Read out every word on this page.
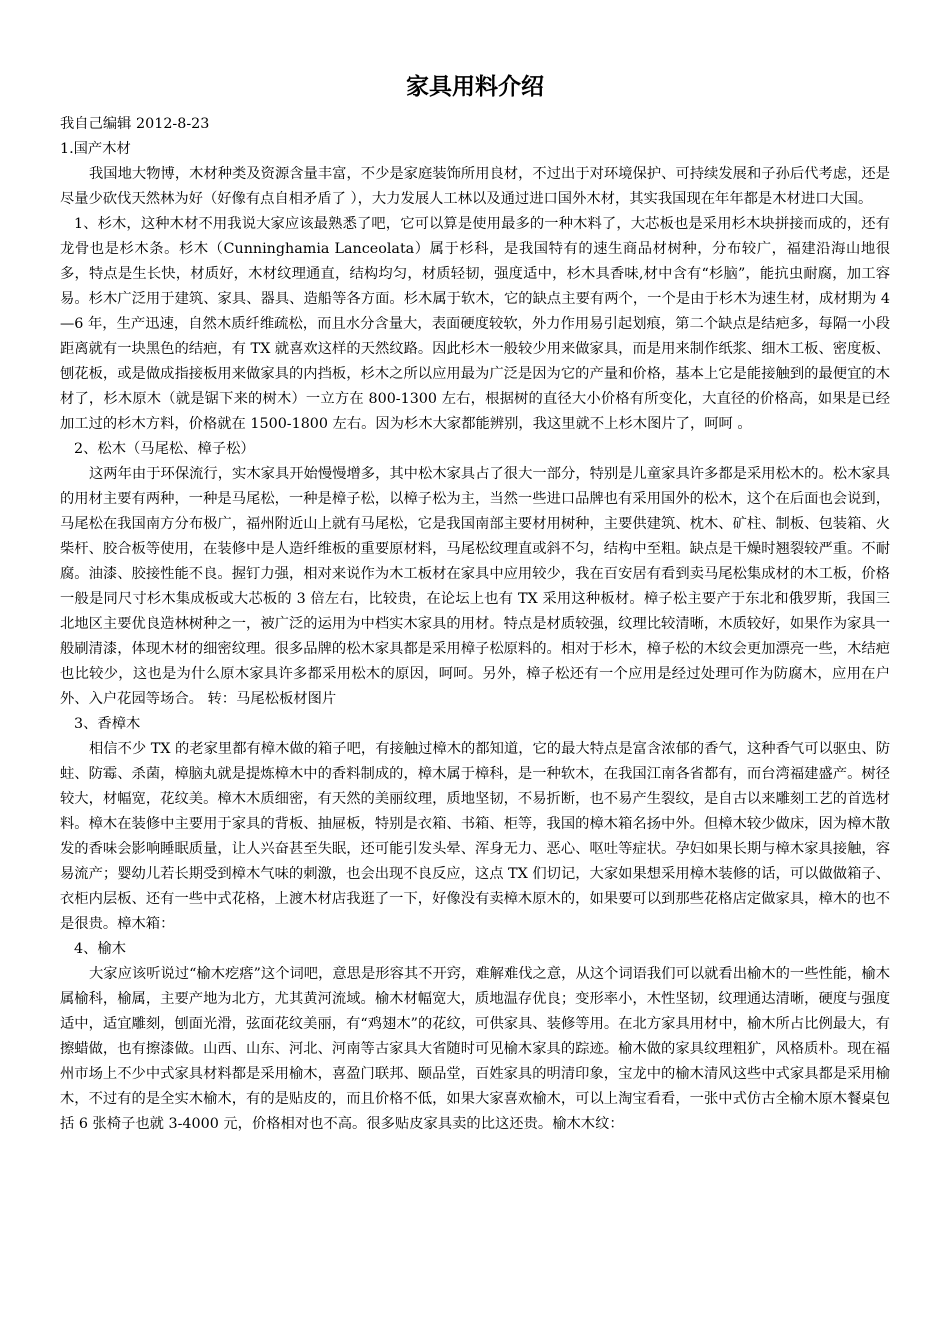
家具用料介绍
我自己编辑 2012-8-23
1.国产木材

我国地大物博，木材种类及资源含量丰富，不少是家庭装饰所用良材，不过出于对环境保护、可持续发展和子孙后代考虑，还是尽量少砍伐天然林为好（好像有点自相矛盾了 ），大力发展人工林以及通过进口国外木材，其实我国现在年年都是木材进口大国。

1、杉木，这种木材不用我说大家应该最熟悉了吧，它可以算是使用最多的一种木料了，大芯板也是采用杉木块拼接而成的，还有龙骨也是杉木条。杉木（Cunninghamia Lanceolata）属于杉科，是我国特有的速生商品材树种，分布较广，福建沿海山地很多，特点是生长快，材质好，木材纹理通直，结构均匀，材质轻韧，强度适中，杉木具香味,材中含有“杉脑”，能抗虫耐腐，加工容易。杉木广泛用于建筑、家具、器具、造船等各方面。杉木属于软木，它的缺点主要有两个，一个是由于杉木为速生材，成材期为 4—6 年，生产迅速，自然木质纤维疏松，而且水分含量大，表面硬度较软，外力作用易引起划痕，第二个缺点是结疤多，每隔一小段距离就有一块黑色的结疤，有 TX 就喜欢这样的天然纹路。因此杉木一般较少用来做家具，而是用来制作纸浆、细木工板、密度板、刨花板，或是做成指接板用来做家具的内挡板，杉木之所以应用最为广泛是因为它的产量和价格，基本上它是能接触到的最便宜的木材了，杉木原木（就是锯下来的树木）一立方在 800-1300 左右，根据树的直径大小价格有所变化，大直径的价格高，如果是已经加工过的杉木方料，价格就在 1500-1800 左右。因为杉木大家都能辨别，我这里就不上杉木图片了，呵呵 。

2、松木（马尾松、樟子松）

这两年由于环保流行，实木家具开始慢慢增多，其中松木家具占了很大一部分，特别是儿童家具许多都是采用松木的。松木家具的用材主要有两种，一种是马尾松，一种是樟子松，以樟子松为主，当然一些进口品牌也有采用国外的松木，这个在后面也会说到，马尾松在我国南方分布极广，福州附近山上就有马尾松，它是我国南部主要材用树种，主要供建筑、枕木、矿柱、制板、包装箱、火柴杆、胶合板等使用，在装修中是人造纤维板的重要原材料，马尾松纹理直或斜不匀，结构中至粗。缺点是干燥时翘裂较严重。不耐腐。油漆、胶接性能不良。握钉力强，相对来说作为木工板材在家具中应用较少，我在百安居有看到卖马尾松集成材的木工板，价格一般是同尺寸杉木集成板或大芯板的 3 倍左右，比较贵，在论坛上也有 TX 采用这种板材。樟子松主要产于东北和俄罗斯，我国三北地区主要优良造林树种之一，被广泛的运用为中档实木家具的用材。特点是材质较强，纹理比较清晰，木质较好，如果作为家具一般刷清漆，体现木材的细密纹理。很多品牌的松木家具都是采用樟子松原料的。相对于杉木，樟子松的木纹会更加漂亮一些，木结疤也比较少，这也是为什么原木家具许多都采用松木的原因，呵呵。另外，樟子松还有一个应用是经过处理可作为防腐木，应用在户外、入户花园等场合。 转：马尾松板材图片

3、香樟木

相信不少 TX 的老家里都有樟木做的箱子吧，有接触过樟木的都知道，它的最大特点是富含浓郁的香气，这种香气可以驱虫、防蛀、防霉、杀菌，樟脑丸就是提炼樟木中的香料制成的，樟木属于樟科，是一种软木，在我国江南各省都有，而台湾福建盛产。树径较大，材幅宽，花纹美。樟木木质细密，有天然的美丽纹理，质地坚韧，不易折断，也不易产生裂纹，是自古以来雕刻工艺的首选材料。樟木在装修中主要用于家具的背板、抽屉板，特别是衣箱、书箱、柜等，我国的樟木箱名扬中外。但樟木较少做床，因为樟木散发的香味会影响睡眠质量，让人兴奋甚至失眠，还可能引发头晕、浑身无力、恶心、呕吐等症状。孕妇如果长期与樟木家具接触，容易流产；婴幼儿若长期受到樟木气味的刺激，也会出现不良反应，这点 TX 们切记，大家如果想采用樟木装修的话，可以做做箱子、衣柜内层板、还有一些中式花格，上渡木材店我逛了一下，好像没有卖樟木原木的，如果要可以到那些花格店定做家具，樟木的也不是很贵。樟木箱：

4、榆木

大家应该听说过“榆木疙瘩”这个词吧，意思是形容其不开窍，难解难伐之意，从这个词语我们可以就看出榆木的一些性能，榆木属榆科，榆属，主要产地为北方，尤其黄河流域。榆木材幅宽大，质地温存优良；变形率小，木性坚韧，纹理通达清晰，硬度与强度适中，适宜雕刻，刨面光滑，弦面花纹美丽，有“鸡翅木”的花纹，可供家具、装修等用。在北方家具用材中，榆木所占比例最大，有擦蜡做，也有擦漆做。山西、山东、河北、河南等古家具大省随时可见榆木家具的踪迹。榆木做的家具纹理粗犷，风格质朴。现在福州市场上不少中式家具材料都是采用榆木，喜盈门联邦、颐品堂，百姓家具的明清印象，宝龙中的榆木清风这些中式家具都是采用榆木，不过有的是全实木榆木，有的是贴皮的，而且价格不低，如果大家喜欢榆木，可以上淘宝看看，一张中式仿古全榆木原木餐桌包括 6 张椅子也就 3-4000 元，价格相对也不高。很多贴皮家具卖的比这还贵。榆木木纹：
